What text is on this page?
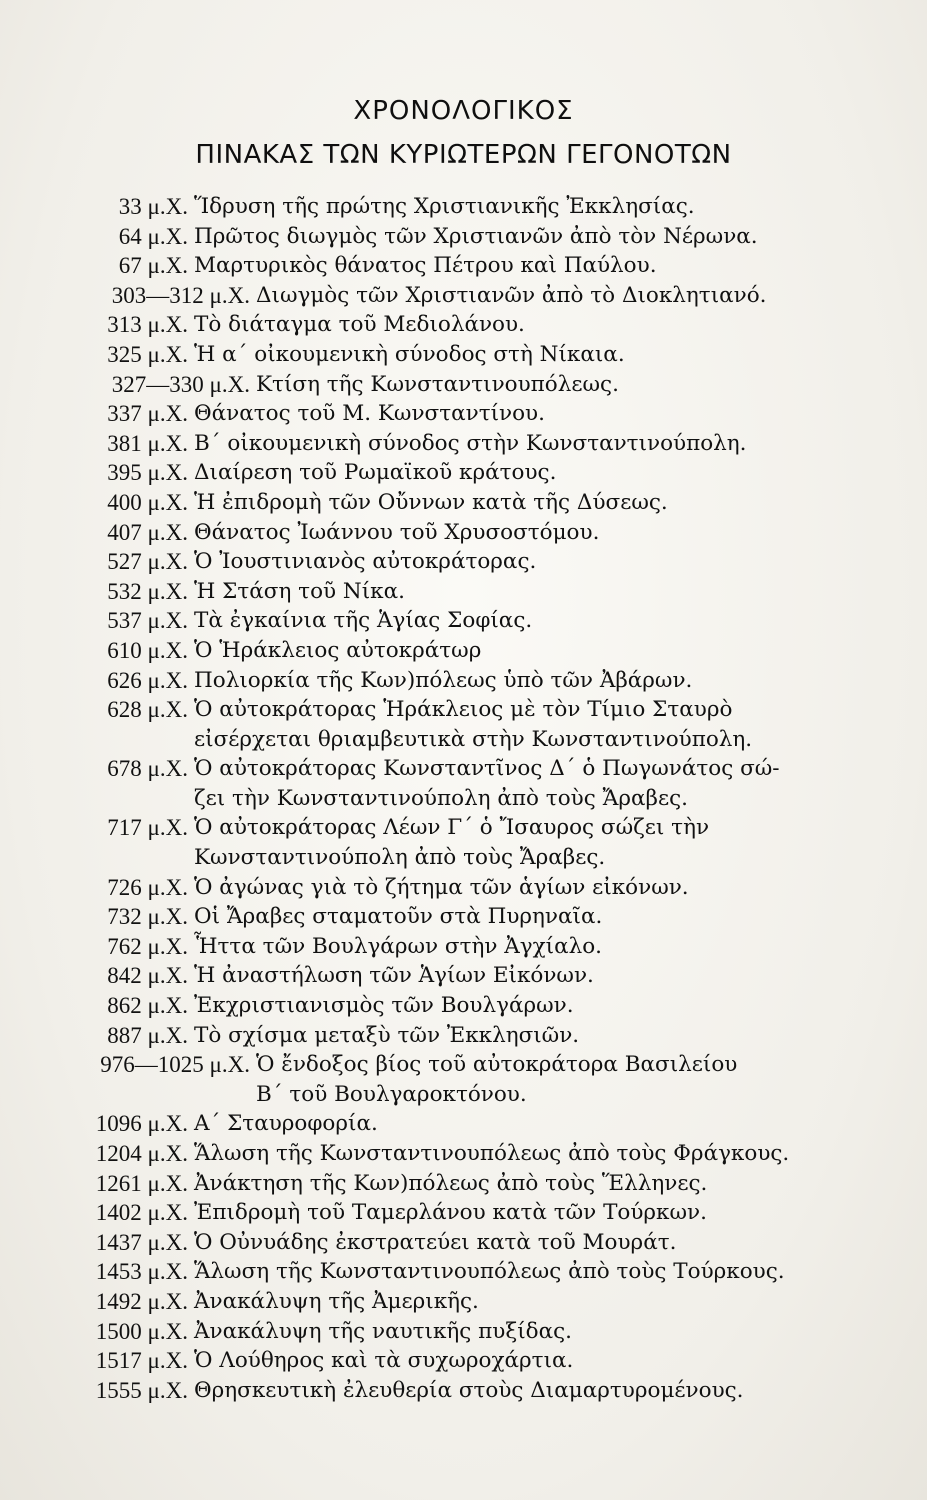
ΧΡΟΝΟΛΟΓΙΚΟΣ
ΠΙΝΑΚΑΣ ΤΩΝ ΚΥΡΙΩΤΕΡΩΝ ΓΕΓΟΝΟΤΩΝ
33 μ.Χ. Ἵδρυση τῆς πρώτης Χριστιανικῆς Ἐκκλησίας.
64 μ.Χ. Πρῶτος διωγμὸς τῶν Χριστιανῶν ἀπὸ τὸν Νέρωνα.
67 μ.Χ. Μαρτυρικὸς θάνατος Πέτρου καὶ Παύλου.
303—312 μ.Χ. Διωγμὸς τῶν Χριστιανῶν ἀπὸ τὸ Διοκλητιανό.
313 μ.Χ. Τὸ διάταγμα τοῦ Μεδιολάνου.
325 μ.Χ. Ἡ α΄ οἰκουμενικὴ σύνοδος στὴ Νίκαια.
327—330 μ.Χ. Κτίση τῆς Κωνσταντινουπόλεως.
337 μ.Χ. Θάνατος τοῦ Μ. Κωνσταντίνου.
381 μ.Χ. Β΄ οἰκουμενικὴ σύνοδος στὴν Κωνσταντινούπολη.
395 μ.Χ. Διαίρεση τοῦ Ρωμαϊκοῦ κράτους.
400 μ.Χ. Ἡ ἐπιδρομὴ τῶν Οὔννων κατὰ τῆς Δύσεως.
407 μ.Χ. Θάνατος Ἰωάννου τοῦ Χρυσοστόμου.
527 μ.Χ. Ὁ Ἰουστινιανὸς αὐτοκράτορας.
532 μ.Χ. Ἡ Στάση τοῦ Νίκα.
537 μ.Χ. Τὰ ἐγκαίνια τῆς Ἁγίας Σοφίας.
610 μ.Χ. Ὁ Ἡράκλειος αὐτοκράτωρ
626 μ.Χ. Πολιορκία τῆς Κων)πόλεως ὑπὸ τῶν Ἀβάρων.
628 μ.Χ. Ὁ αὐτοκράτορας Ἡράκλειος μὲ τὸν Τίμιο Σταυρὸ
εἰσέρχεται θριαμβευτικὰ στὴν Κωνσταντινούπολη.
678 μ.Χ. Ὁ αὐτοκράτορας Κωνσταντῖνος Δ΄ ὁ Πωγωνάτος σώ-
ζει τὴν Κωνσταντινούπολη ἀπὸ τοὺς Ἄραβες.
717 μ.Χ. Ὁ αὐτοκράτορας Λέων Γ΄ ὁ Ἴσαυρος σώζει τὴν
Κωνσταντινούπολη ἀπὸ τοὺς Ἄραβες.
726 μ.Χ. Ὁ ἀγώνας γιὰ τὸ ζήτημα τῶν ἁγίων εἰκόνων.
732 μ.Χ. Οἱ Ἄραβες σταματοῦν στὰ Πυρηναῖα.
762 μ.Χ. Ἧττα τῶν Βουλγάρων στὴν Ἀγχίαλο.
842 μ.Χ. Ἡ ἀναστήλωση τῶν Ἁγίων Εἰκόνων.
862 μ.Χ. Ἐκχριστιανισμὸς τῶν Βουλγάρων.
887 μ.Χ. Τὸ σχίσμα μεταξὺ τῶν Ἐκκλησιῶν.
976—1025 μ.Χ. Ὁ ἔνδοξος βίος τοῦ αὐτοκράτορα Βασιλείου
Β΄ τοῦ Βουλγαροκτόνου.
1096 μ.Χ. Α΄ Σταυροφορία.
1204 μ.Χ. Ἅλωση τῆς Κωνσταντινουπόλεως ἀπὸ τοὺς Φράγκους.
1261 μ.Χ. Ἀνάκτηση τῆς Κων)πόλεως ἀπὸ τοὺς Ἕλληνες.
1402 μ.Χ. Ἐπιδρομὴ τοῦ Ταμερλάνου κατὰ τῶν Τούρκων.
1437 μ.Χ. Ὁ Οὐνυάδης ἐκστρατεύει κατὰ τοῦ Μουράτ.
1453 μ.Χ. Ἅλωση τῆς Κωνσταντινουπόλεως ἀπὸ τοὺς Τούρκους.
1492 μ.Χ. Ἀνακάλυψη τῆς Ἀμερικῆς.
1500 μ.Χ. Ἀνακάλυψη τῆς ναυτικῆς πυξίδας.
1517 μ.Χ. Ὁ Λούθηρος καὶ τὰ συχωροχάρτια.
1555 μ.Χ. Θρησκευτικὴ ἐλευθερία στοὺς Διαμαρτυρομένους.
